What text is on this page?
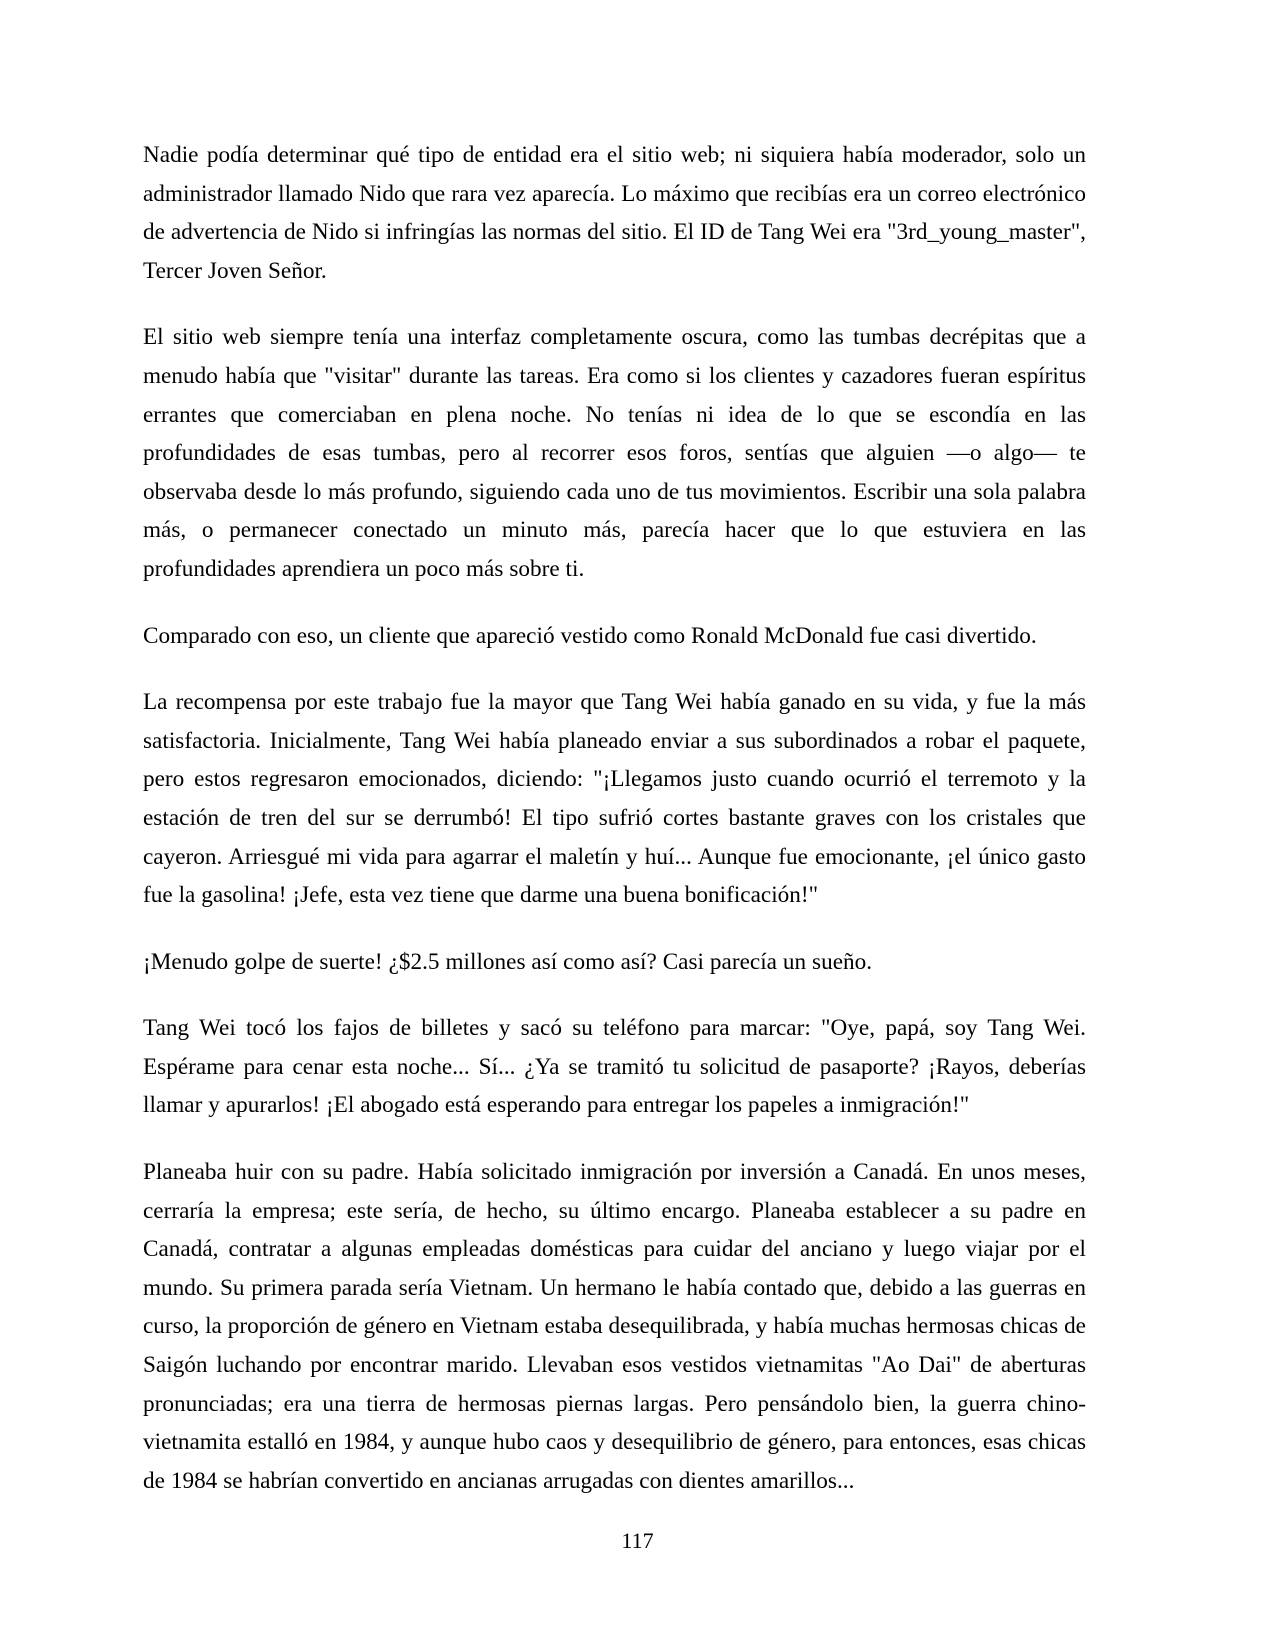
Nadie podía determinar qué tipo de entidad era el sitio web; ni siquiera había moderador, solo un administrador llamado Nido que rara vez aparecía. Lo máximo que recibías era un correo electrónico de advertencia de Nido si infringías las normas del sitio. El ID de Tang Wei era "3rd_young_master", Tercer Joven Señor.

El sitio web siempre tenía una interfaz completamente oscura, como las tumbas decrépitas que a menudo había que "visitar" durante las tareas. Era como si los clientes y cazadores fueran espíritus errantes que comerciaban en plena noche. No tenías ni idea de lo que se escondía en las profundidades de esas tumbas, pero al recorrer esos foros, sentías que alguien —o algo— te observaba desde lo más profundo, siguiendo cada uno de tus movimientos. Escribir una sola palabra más, o permanecer conectado un minuto más, parecía hacer que lo que estuviera en las profundidades aprendiera un poco más sobre ti.

Comparado con eso, un cliente que apareció vestido como Ronald McDonald fue casi divertido.

La recompensa por este trabajo fue la mayor que Tang Wei había ganado en su vida, y fue la más satisfactoria. Inicialmente, Tang Wei había planeado enviar a sus subordinados a robar el paquete, pero estos regresaron emocionados, diciendo: "¡Llegamos justo cuando ocurrió el terremoto y la estación de tren del sur se derrumbó! El tipo sufrió cortes bastante graves con los cristales que cayeron. Arriesgué mi vida para agarrar el maletín y huí... Aunque fue emocionante, ¡el único gasto fue la gasolina! ¡Jefe, esta vez tiene que darme una buena bonificación!"

¡Menudo golpe de suerte! ¿$2.5 millones así como así? Casi parecía un sueño.

Tang Wei tocó los fajos de billetes y sacó su teléfono para marcar: "Oye, papá, soy Tang Wei. Espérame para cenar esta noche... Sí... ¿Ya se tramitó tu solicitud de pasaporte? ¡Rayos, deberías llamar y apurarlos! ¡El abogado está esperando para entregar los papeles a inmigración!"

Planeaba huir con su padre. Había solicitado inmigración por inversión a Canadá. En unos meses, cerraría la empresa; este sería, de hecho, su último encargo. Planeaba establecer a su padre en Canadá, contratar a algunas empleadas domésticas para cuidar del anciano y luego viajar por el mundo. Su primera parada sería Vietnam. Un hermano le había contado que, debido a las guerras en curso, la proporción de género en Vietnam estaba desequilibrada, y había muchas hermosas chicas de Saigón luchando por encontrar marido. Llevaban esos vestidos vietnamitas "Ao Dai" de aberturas pronunciadas; era una tierra de hermosas piernas largas. Pero pensándolo bien, la guerra chino-vietnamita estalló en 1984, y aunque hubo caos y desequilibrio de género, para entonces, esas chicas de 1984 se habrían convertido en ancianas arrugadas con dientes amarillos...

117
